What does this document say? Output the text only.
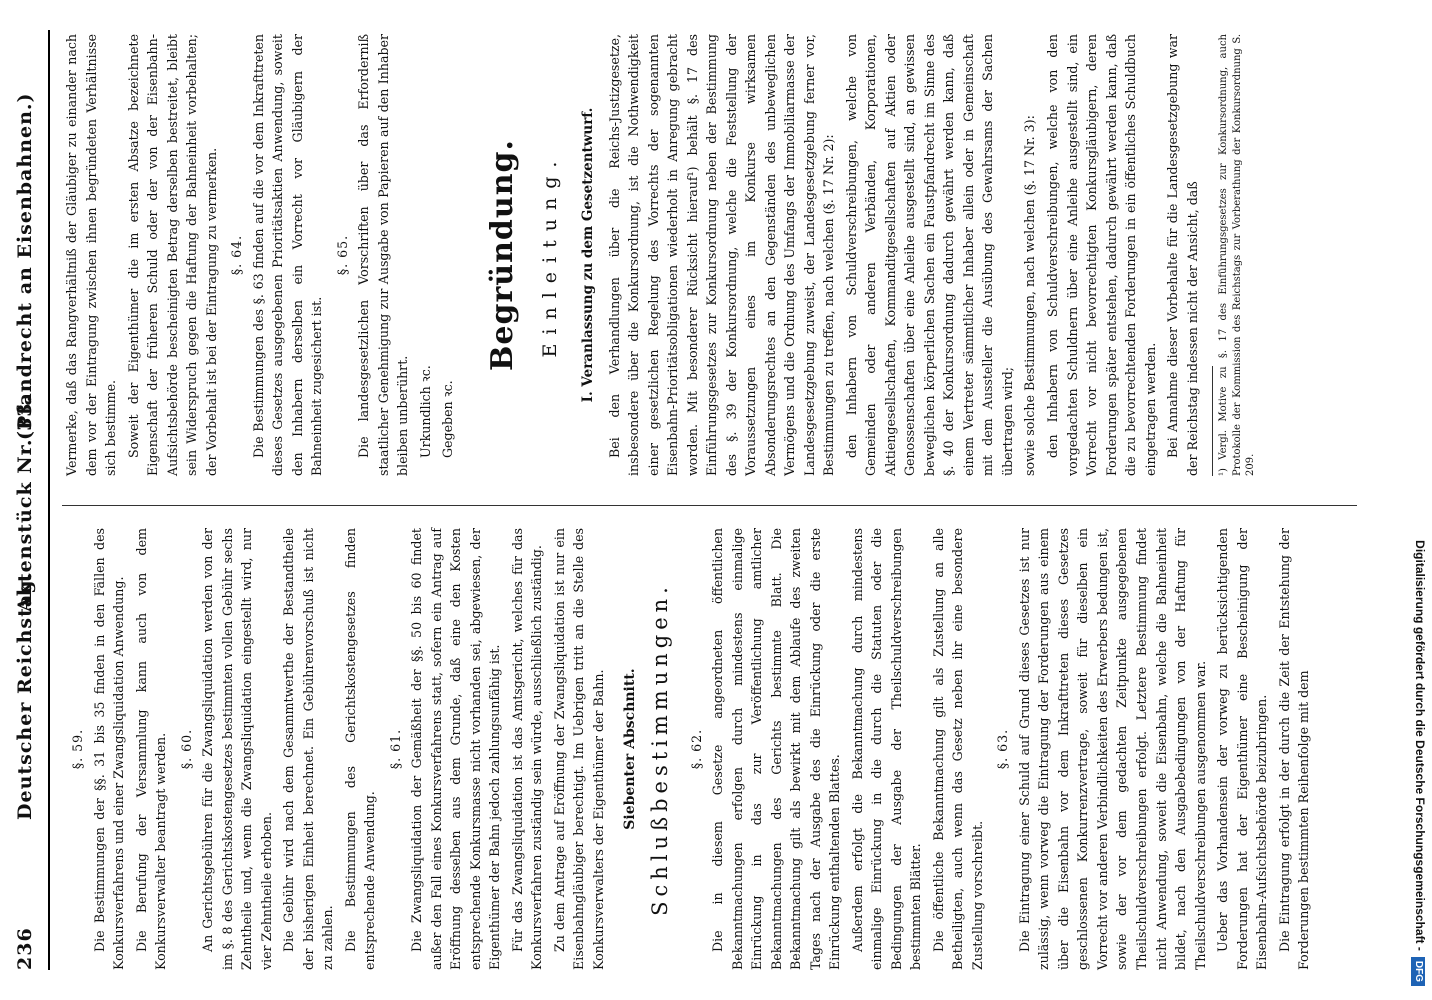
236
Deutscher Reichstag.
Aktenstück Nr. 33.
(Pfandrecht an Eisenbahnen.)
§. 59. Die Bestimmungen der §§. 31 bis 35 finden in den Fällen des Konkursverfahrens und einer Zwangsliquidation Anwendung. Die Berufung der Versammlung kann auch von dem Konkursverwalter beantragt werden. §. 60. An Gerichtsgebühren für die Zwangsliquidation werden von der im §. 8 des Gerichtskostengesetzes bestimmten vollen Gebühr sechs Zehntheile und, wenn die Zwangsliquidation eingestellt wird, nur vier Zehntheile erhoben. Die Gebühr wird nach dem Gesammtwerthe der Bestandtheile der bisherigen Einheit berechnet. Ein Gebührenvorschuß ist nicht zu zahlen. Die Bestimmungen des Gerichtskostengesetzes finden entsprechende Anwendung.

§. 61. Die Zwangsliquidation der Gemäßheit der §§. 50 bis 60 findet außer den Fall eines Konkursverfahrens statt, sofern ein Antrag auf Eröffnung desselben aus dem Grunde, daß eine den Kosten entsprechende Konkursmasse nicht vorhanden sei, abgewiesen, der Eigenthümer der Bahn jedoch zahlungsunfähig ist. Für das Zwangsliquidation ist das Amtsgericht, welches für das Konkursverfahren zuständig sein würde, ausschließlich zuständig. Zu dem Antrage auf Eröffnung der Zwangsliquidation ist nur ein Eisenbahngläubiger berechtigt. Im Uebrigen tritt an die Stelle des Konkursverwalters der Eigenthümer der Bahn. Siebenter Abschnitt. Schlußbestimmungen.	§. 62. Die in diesem Gesetze angeordneten öffentlichen Bekanntmachungen erfolgen durch mindestens einmalige Einrückung in das zur Veröffentlichung amtlicher Bekanntmachungen des Gerichts bestimmte Blatt. Die Bekanntmachung gilt als bewirkt mit dem Ablaufe des zweiten Tages nach der Ausgabe des die Einrückung oder die erste Einrückung enthaltenden Blattes. Außerdem erfolgt die Bekanntmachung durch mindestens einmalige Einrückung in die durch die Statuten oder die Bedingungen der Ausgabe der Theilschuldverschreibungen bestimmten Blätter. Die öffentliche Bekanntmachung gilt als Zustellung an alle Betheiligten, auch wenn das Gesetz neben ihr eine besondere Zustellung vorschreibt.

§. 63. Die Eintragung einer Schuld auf Grund dieses Gesetzes ist nur zulässig, wenn vorweg die Eintragung der Forderungen aus einem über die Eisenbahn vor dem Inkrafttreten dieses Gesetzes geschlossenen Konkurrenzvertrage, soweit für dieselben ein Vorrecht vor anderen Verbindlichkeiten des Erwerbers bedungen ist, sowie der vor dem gedachten Zeitpunkte ausgegebenen Theilschuldverschreibungen erfolgt. Letztere Bestimmung findet nicht Anwendung, soweit die Eisenbahn, welche die Bahneinheit bildet, nach den Ausgabebedingungen von der Haftung für Theilschuldverschreibungen ausgenommen war. Ueber das Vorhandensein der vorweg zu berücksichtigenden Forderungen hat der Eigenthümer eine Bescheinigung der Eisenbahn-Aufsichtsbehörde beizubringen. Die Eintragung erfolgt in der durch die Zeit der Entstehung der Forderungen bestimmten Reihenfolge mit dem

Vermerke, daß das Rangverhältniß der Gläubiger zu einander nach dem vor der Eintragung zwischen ihnen begründeten Verhältnisse sich bestimme. Soweit der Eigenthümer die im ersten Absatze bezeichnete Eigenschaft der früheren Schuld oder der von der Eisenbahn-Aufsichtsbehörde bescheinigten Betrag derselben bestreitet, bleibt sein Widerspruch gegen die Haftung der Bahneinheit vorbehalten; der Vorbehalt ist bei der Eintragung zu vermerken. §. 64. Die Bestimmungen des §. 63 finden auf die vor dem Inkrafttreten dieses Gesetzes ausgegebenen Prioritätsaktien Anwendung, soweit den Inhabern derselben ein Vorrecht vor Gläubigern der Bahneinheit zugesichert ist.

§. 65. Die landesgesetzlichen Vorschriften über das Erforderniß staatlicher Genehmigung zur Ausgabe von Papieren auf den Inhaber bleiben unberührt. Urkundlich ꝛc. Gegeben ꝛc.

Begründung.	Einleitung.	I. Veranlassung zu dem Gesetzentwurf. Bei den Verhandlungen über die Reichs-Justizgesetze, insbesondere über die Konkursordnung, ist die Nothwendigkeit einer gesetzlichen Regelung des Vorrechts der sogenannten Eisenbahn-Prioritätsobligationen wiederholt in Anregung gebracht worden. Mit besonderer Rücksicht hierauf¹) behält §. 17 des Einführungsgesetzes zur Konkursordnung neben der Bestimmung des §. 39 der Konkursordnung, welche die Feststellung der Voraussetzungen eines im Konkurse wirksamen Absonderungsrechtes an den Gegenständen des unbeweglichen Vermögens und die Ordnung des Umfangs der Immobiliarmasse der Landesgesetzgebung zuweist, der Landesgesetzgebung ferner vor, Bestimmungen zu treffen, nach welchen (§. 17 Nr. 2): den Inhabern von Schuldverschreibungen, welche von Gemeinden oder anderen Verbänden, Korporationen, Aktiengesellschaften, Kommanditgesellschaften auf Aktien oder Genossenschaften über eine Anleihe ausgestellt sind, an gewissen beweglichen körperlichen Sachen ein Faustpfandrecht im Sinne des §. 40 der Konkursordnung dadurch gewährt werden kann, daß einem Vertreter sämmtlicher Inhaber allein oder in Gemeinschaft mit dem Aussteller die Ausübung des Gewahrsams der Sachen übertragen wird; sowie solche Bestimmungen, nach welchen (§. 17 Nr. 3): den Inhabern von Schuldverschreibungen, welche von den vorgedachten Schuldnern über eine Anleihe ausgestellt sind, ein Vorrecht vor nicht bevorrechtigten Konkursgläubigern, deren Forderungen später entstehen, dadurch gewährt werden kann, daß die zu bevorrechtenden Forderungen in ein öffentliches Schuldbuch eingetragen werden. Bei Annahme dieser Vorbehalte für die Landesgesetzgebung war der Reichstag indessen nicht der Ansicht, daß ¹) Vergl. Motive zu §. 17 des Einführungsgesetzes zur Konkursordnung, auch Protokolle der Kommission des Reichstags zur Vorberathung der Konkursordnung S. 209.

Digitalisierung gefördert durch die Deutsche Forschungsgemeinschaft -DFG
